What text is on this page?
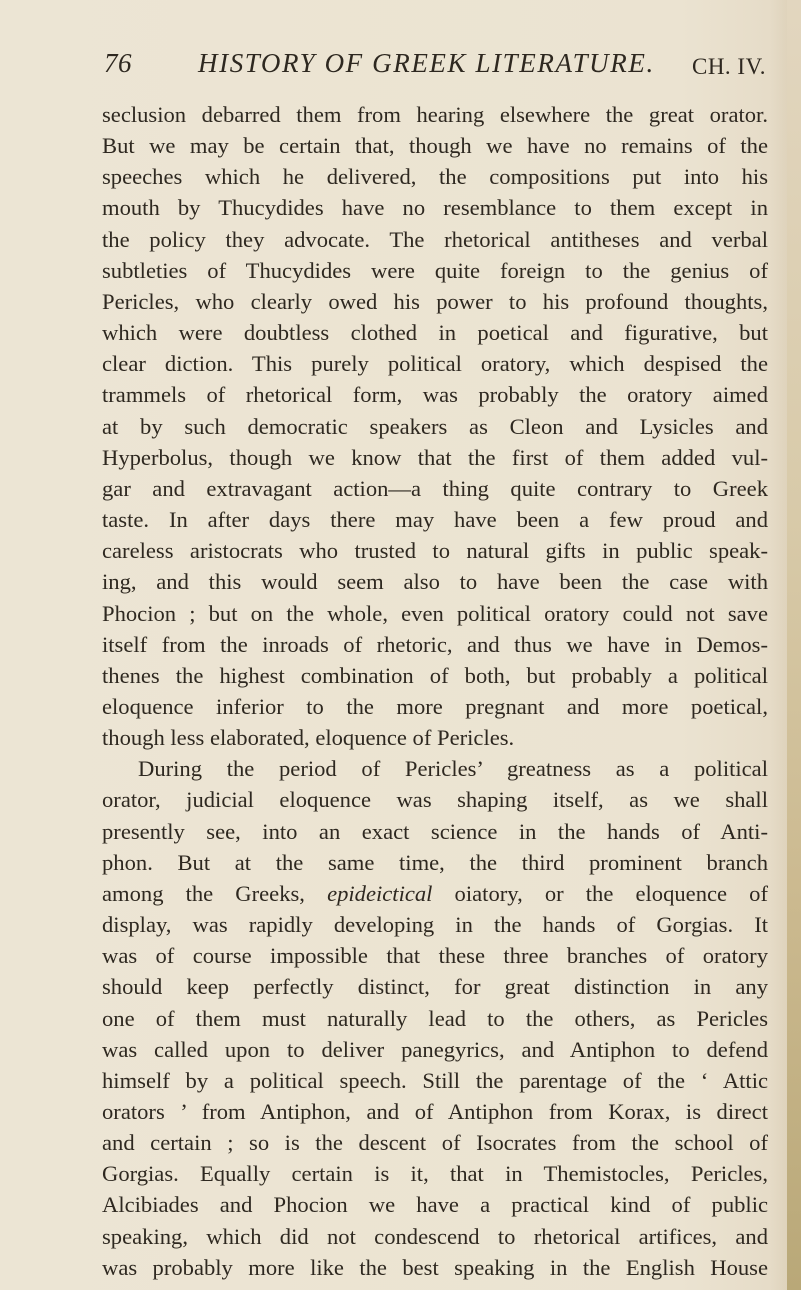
76 HISTORY OF GREEK LITERATURE. CH. IV.
seclusion debarred them from hearing elsewhere the great orator.
But we may be certain that, though we have no remains of the
speeches which he delivered, the compositions put into his
mouth by Thucydides have no resemblance to them except in
the policy they advocate. The rhetorical antitheses and verbal
subtleties of Thucydides were quite foreign to the genius of
Pericles, who clearly owed his power to his profound thoughts,
which were doubtless clothed in poetical and figurative, but
clear diction. This purely political oratory, which despised the
trammels of rhetorical form, was probably the oratory aimed
at by such democratic speakers as Cleon and Lysicles and
Hyperbolus, though we know that the first of them added vul-
gar and extravagant action—a thing quite contrary to Greek
taste. In after days there may have been a few proud and
careless aristocrats who trusted to natural gifts in public speak-
ing, and this would seem also to have been the case with
Phocion ; but on the whole, even political oratory could not save
itself from the inroads of rhetoric, and thus we have in Demos-
thenes the highest combination of both, but probably a political
eloquence inferior to the more pregnant and more poetical,
though less elaborated, eloquence of Pericles.
During the period of Pericles’ greatness as a political
orator, judicial eloquence was shaping itself, as we shall
presently see, into an exact science in the hands of Anti-
phon. But at the same time, the third prominent branch
among the Greeks, epideictical oiatory, or the eloquence of
display, was rapidly developing in the hands of Gorgias. It
was of course impossible that these three branches of oratory
should keep perfectly distinct, for great distinction in any
one of them must naturally lead to the others, as Pericles
was called upon to deliver panegyrics, and Antiphon to defend
himself by a political speech. Still the parentage of the ‘ Attic
orators ’ from Antiphon, and of Antiphon from Korax, is direct
and certain ; so is the descent of Isocrates from the school of
Gorgias. Equally certain is it, that in Themistocles, Pericles,
Alcibiades and Phocion we have a practical kind of public
speaking, which did not condescend to rhetorical artifices, and
was probably more like the best speaking in the English House
